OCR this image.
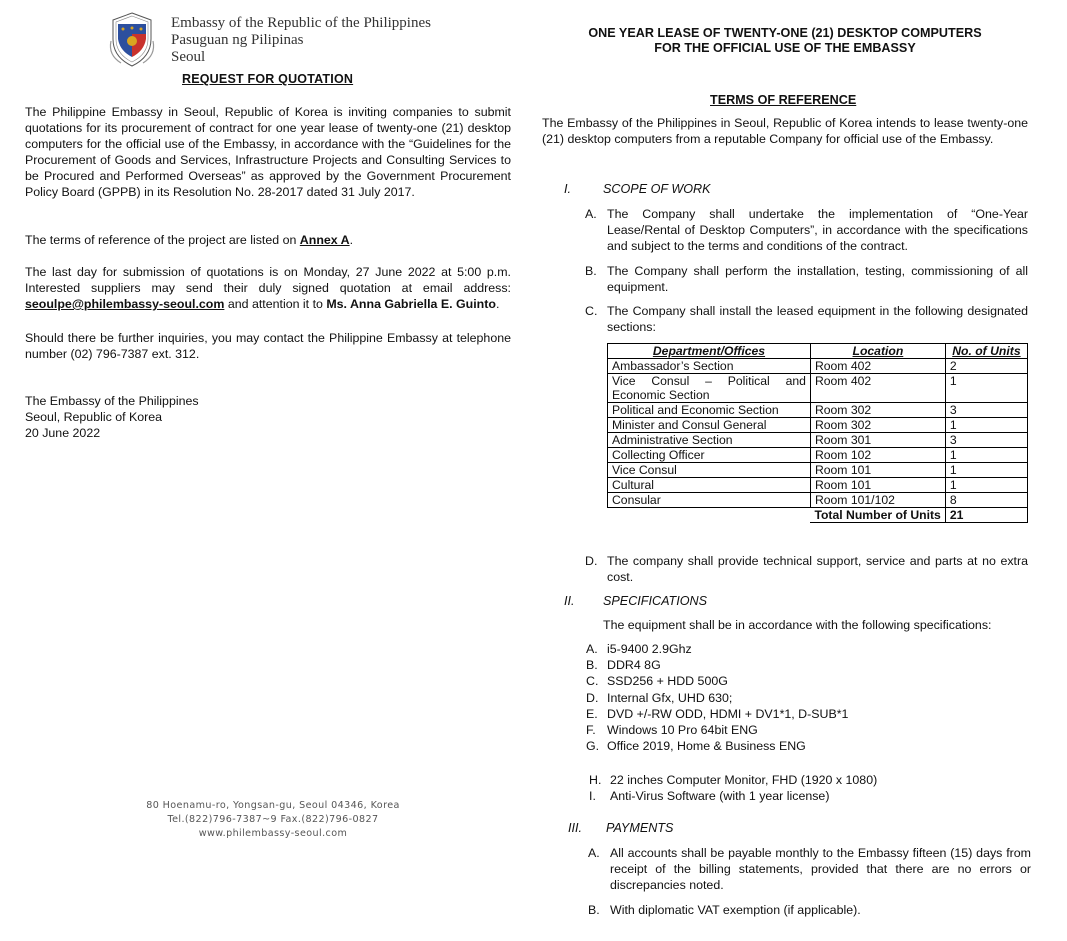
Embassy of the Republic of the Philippines
Pasuguan ng Pilipinas
Seoul
REQUEST FOR QUOTATION

The Philippine Embassy in Seoul, Republic of Korea is inviting companies to submit quotations for its procurement of contract for one year lease of twenty-one (21) desktop computers for the official use of the Embassy, in accordance with the “Guidelines for the Procurement of Goods and Services, Infrastructure Projects and Consulting Services to be Procured and Performed Overseas” as approved by the Government Procurement Policy Board (GPPB) in its Resolution No. 28-2017 dated 31 July 2017.

The terms of reference of the project are listed on Annex A.

The last day for submission of quotations is on Monday, 27 June 2022 at 5:00 p.m. Interested suppliers may send their duly signed quotation at email address: seoulpe@philembassy-seoul.com and attention it to Ms. Anna Gabriella E. Guinto.

Should there be further inquiries, you may contact the Philippine Embassy at telephone number (02) 796-7387 ext. 312.

The Embassy of the Philippines
Seoul, Republic of Korea
20 June 2022
80 Hoenamu-ro, Yongsan-gu, Seoul 04346, Korea
Tel.(822)796-7387~9 Fax.(822)796-0827
www.philembassy-seoul.com
ONE YEAR LEASE OF TWENTY-ONE (21) DESKTOP COMPUTERS
FOR THE OFFICIAL USE OF THE EMBASSY
TERMS OF REFERENCE

The Embassy of the Philippines in Seoul, Republic of Korea intends to lease twenty-one (21) desktop computers from a reputable Company for official use of the Embassy.

I.	SCOPE OF WORK
A. The Company shall undertake the implementation of “One-Year Lease/Rental of Desktop Computers”, in accordance with the specifications and subject to the terms and conditions of the contract.
B. The Company shall perform the installation, testing, commissioning of all equipment.
C. The Company shall install the leased equipment in the following designated sections:
Department/Offices	Location	No. of Units
Ambassador’s Section	Room 402	2
Vice Consul – Political and Economic Section	Room 402	1
Political and Economic Section	Room 302	3
Minister and Consul General	Room 302	1
Administrative Section	Room 301	3
Collecting Officer	Room 102	1
Vice Consul	Room 101	1
Cultural	Room 101	1
Consular	Room 101/102	8
	Total Number of Units	21
D. The company shall provide technical support, service and parts at no extra cost.
II. SPECIFICATIONS
The equipment shall be in accordance with the following specifications:
A. i5-9400 2.9Ghz
B. DDR4 8G
C. SSD256 + HDD 500G
D. Internal Gfx, UHD 630;
E. DVD +/-RW ODD, HDMI + DV1*1, D-SUB*1
F. Windows 10 Pro 64bit ENG
G. Office 2019, Home & Business ENG
H. 22 inches Computer Monitor, FHD (1920 x 1080)
I. Anti-Virus Software (with 1 year license)
III. PAYMENTS
A. All accounts shall be payable monthly to the Embassy fifteen (15) days from receipt of the billing statements, provided that there are no errors or discrepancies noted.
B. With diplomatic VAT exemption (if applicable).
